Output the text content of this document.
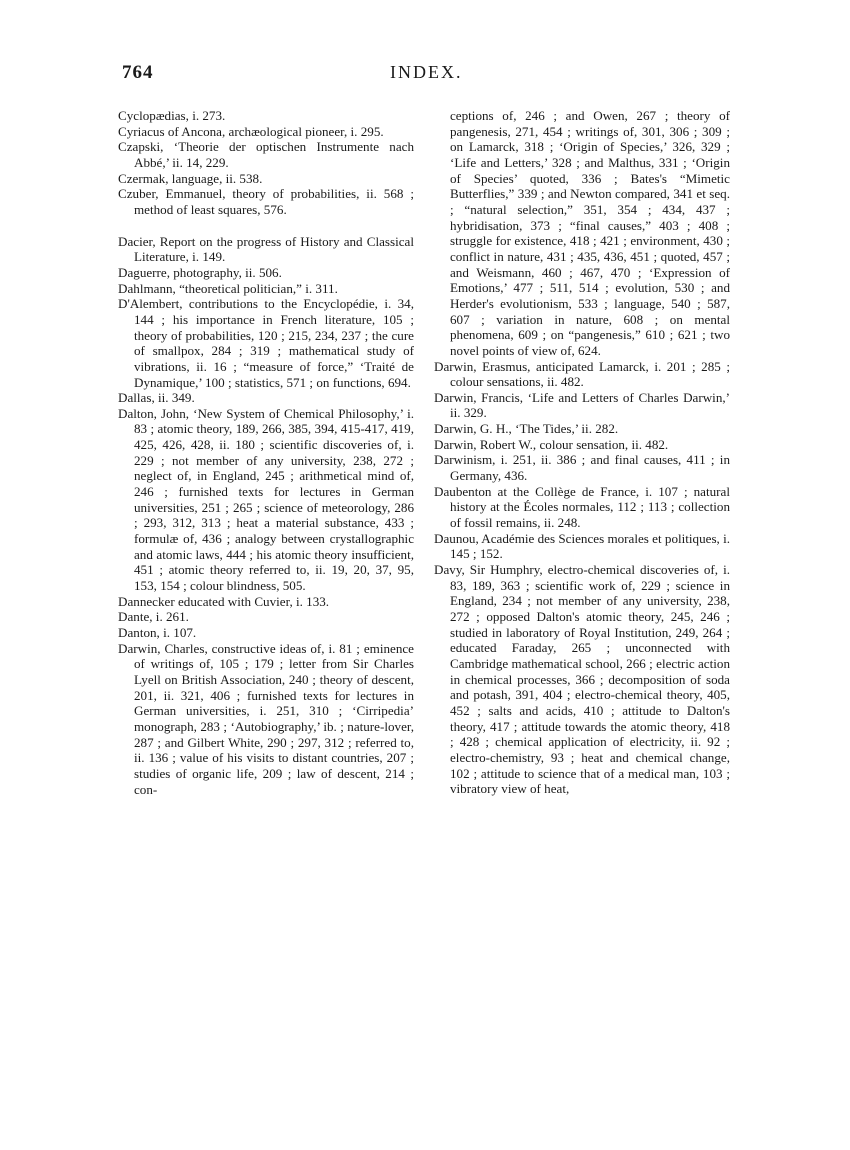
764	INDEX.
Cyclopædias, i. 273.
Cyriacus of Ancona, archæological pioneer, i. 295.
Czapski, ‘Theorie der optischen Instrumente nach Abbé,’ ii. 14, 229.
Czermak, language, ii. 538.
Czuber, Emmanuel, theory of probabilities, ii. 568 ; method of least squares, 576.
Dacier, Report on the progress of History and Classical Literature, i. 149.
Daguerre, photography, ii. 506.
Dahlmann, “theoretical politician,” i. 311.
D'Alembert, contributions to the Encyclopédie, i. 34, 144 ; his importance in French literature, 105 ; theory of probabilities, 120 ; 215, 234, 237 ; the cure of smallpox, 284 ; 319 ; mathematical study of vibrations, ii. 16 ; “measure of force,” ‘Traité de Dynamique,’ 100 ; statistics, 571 ; on functions, 694.
Dallas, ii. 349.
Dalton, John, ‘New System of Chemical Philosophy,’ i. 83 ; atomic theory, 189, 266, 385, 394, 415-417, 419, 425, 426, 428, ii. 180 ; scientific discoveries of, i. 229 ; not member of any university, 238, 272 ; neglect of, in England, 245 ; arithmetical mind of, 246 ; furnished texts for lectures in German universities, 251 ; 265 ; science of meteorology, 286 ; 293, 312, 313 ; heat a material substance, 433 ; formulæ of, 436 ; analogy between crystallographic and atomic laws, 444 ; his atomic theory insufficient, 451 ; atomic theory referred to, ii. 19, 20, 37, 95, 153, 154 ; colour blindness, 505.
Dannecker educated with Cuvier, i. 133.
Dante, i. 261.
Danton, i. 107.
Darwin, Charles, constructive ideas of, i. 81 ; eminence of writings of, 105 ; 179 ; letter from Sir Charles Lyell on British Association, 240 ; theory of descent, 201, ii. 321, 406 ; furnished texts for lectures in German universities, i. 251, 310 ; ‘Cirripedia’ monograph, 283 ; ‘Autobiography,’ ib. ; nature-lover, 287 ; and Gilbert White, 290 ; 297, 312 ; referred to, ii. 136 ; value of his visits to distant countries, 207 ; studies of organic life, 209 ; law of descent, 214 ; con-
ceptions of, 246 ; and Owen, 267 ; theory of pangenesis, 271, 454 ; writings of, 301, 306 ; 309 ; on Lamarck, 318 ; ‘Origin of Species,’ 326, 329 ; ‘Life and Letters,’ 328 ; and Malthus, 331 ; ‘Origin of Species’ quoted, 336 ; Bates's “Mimetic Butterflies,” 339 ; and Newton compared, 341 et seq. ; “natural selection,” 351, 354 ; 434, 437 ; hybridisation, 373 ; “final causes,” 403 ; 408 ; struggle for existence, 418 ; 421 ; environment, 430 ; conflict in nature, 431 ; 435, 436, 451 ; quoted, 457 ; and Weismann, 460 ; 467, 470 ; ‘Expression of Emotions,’ 477 ; 511, 514 ; evolution, 530 ; and Herder's evolutionism, 533 ; language, 540 ; 587, 607 ; variation in nature, 608 ; on mental phenomena, 609 ; on “pangenesis,” 610 ; 621 ; two novel points of view of, 624.
Darwin, Erasmus, anticipated Lamarck, i. 201 ; 285 ; colour sensations, ii. 482.
Darwin, Francis, ‘Life and Letters of Charles Darwin,’ ii. 329.
Darwin, G. H., ‘The Tides,’ ii. 282.
Darwin, Robert W., colour sensation, ii. 482.
Darwinism, i. 251, ii. 386 ; and final causes, 411 ; in Germany, 436.
Daubenton at the Collège de France, i. 107 ; natural history at the Écoles normales, 112 ; 113 ; collection of fossil remains, ii. 248.
Daunou, Académie des Sciences morales et politiques, i. 145 ; 152.
Davy, Sir Humphry, electro-chemical discoveries of, i. 83, 189, 363 ; scientific work of, 229 ; science in England, 234 ; not member of any university, 238, 272 ; opposed Dalton's atomic theory, 245, 246 ; studied in laboratory of Royal Institution, 249, 264 ; educated Faraday, 265 ; unconnected with Cambridge mathematical school, 266 ; electric action in chemical processes, 366 ; decomposition of soda and potash, 391, 404 ; electro-chemical theory, 405, 452 ; salts and acids, 410 ; attitude to Dalton's theory, 417 ; attitude towards the atomic theory, 418 ; 428 ; chemical application of electricity, ii. 92 ; electro-chemistry, 93 ; heat and chemical change, 102 ; attitude to science that of a medical man, 103 ; vibratory view of heat,
